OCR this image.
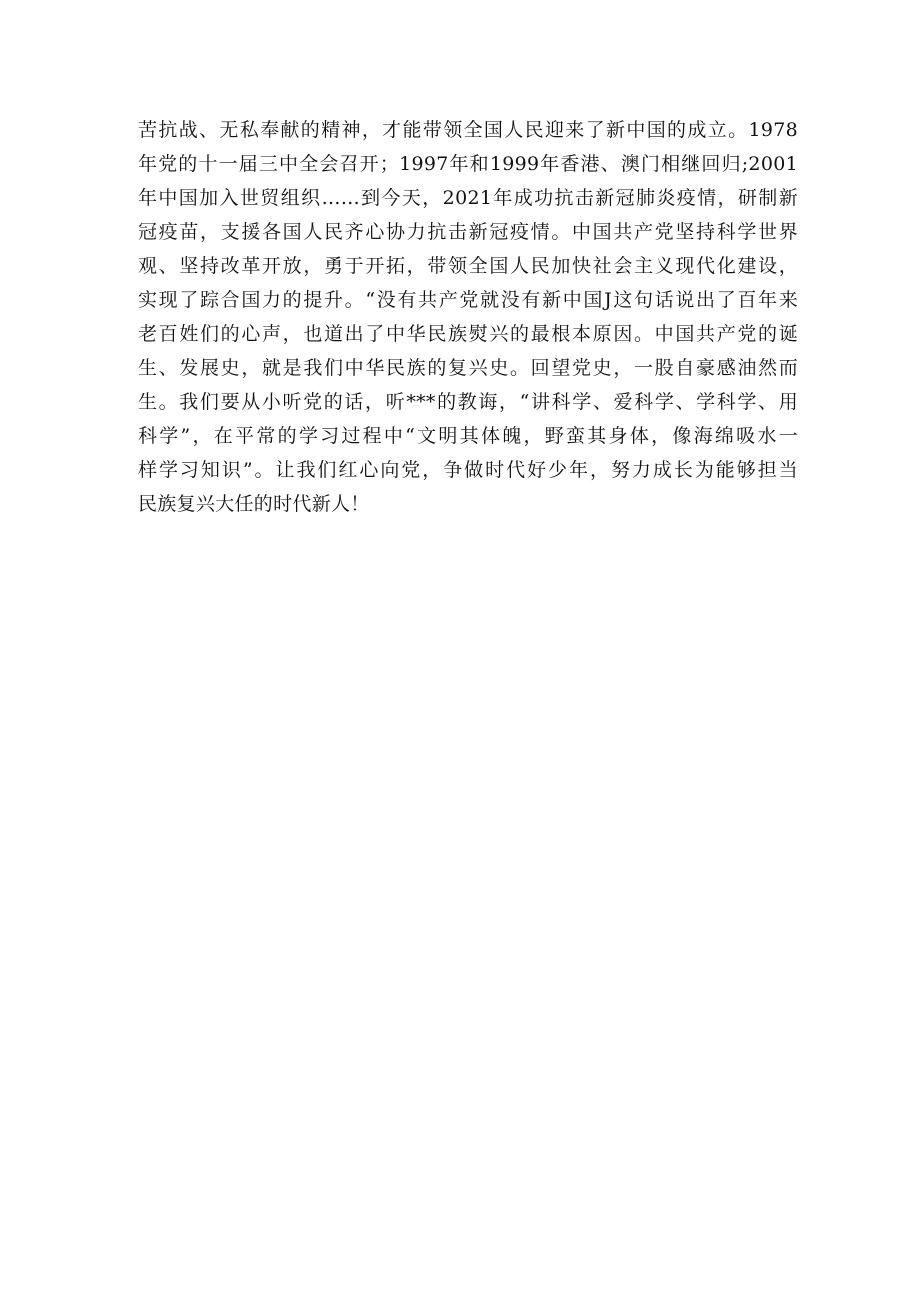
苦抗战、无私奉献的精神，才能带领全国人民迎来了新中国的成立。1978
年党的十一届三中全会召开；1997年和1999年香港、澳门相继回归;2001
年中国加入世贸组织……到今天，2021年成功抗击新冠肺炎疫情，研制新
冠疫苗，支援各国人民齐心协力抗击新冠疫情。中国共产党坚持科学世界
观、坚持改革开放，勇于开拓，带领全国人民加快社会主义现代化建设，
实现了踪合国力的提升。“没有共产党就没有新中国J这句话说出了百年来
老百姓们的心声，也道出了中华民族熨兴的最根本原因。中国共产党的诞
生、发展史，就是我们中华民族的复兴史。回望党史，一股自豪感油然而
生。我们要从小听党的话，听***的教诲，“讲科学、爱科学、学科学、用
科学”，在平常的学习过程中“文明其体魄，野蛮其身体，像海绵吸水一
样学习知识”。让我们红心向党，争做时代好少年，努力成长为能够担当
民族复兴大任的时代新人！
